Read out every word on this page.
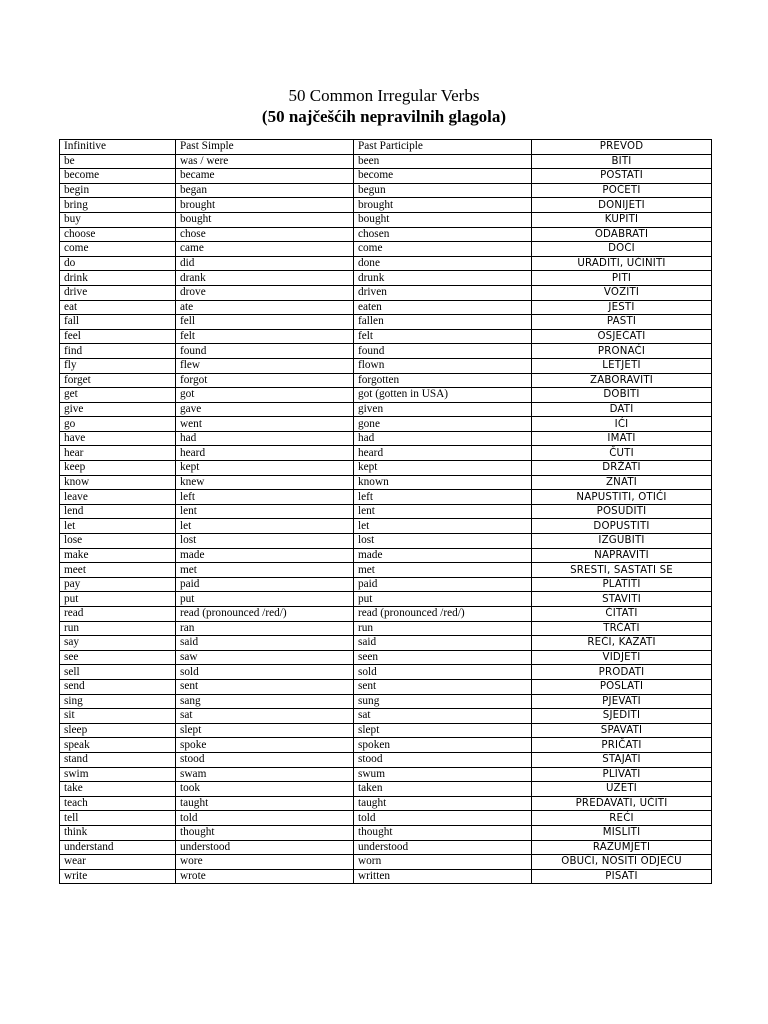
50 Common Irregular Verbs
(50 najčešćih nepravilnih glagola)
Infinitive	Past Simple	Past Participle	PREVOD
be	was / were	been	BITI
become	became	become	POSTATI
begin	began	begun	POČETI
bring	brought	brought	DONIJETI
buy	bought	bought	KUPITI
choose	chose	chosen	ODABRATI
come	came	come	DOĆI
do	did	done	URADITI, UČINITI
drink	drank	drunk	PITI
drive	drove	driven	VOZITI
eat	ate	eaten	JESTI
fall	fell	fallen	PASTI
feel	felt	felt	OSJEĆATI
find	found	found	PRONAĆI
fly	flew	flown	LETJETI
forget	forgot	forgotten	ZABORAVITI
get	got	got (gotten in USA)	DOBITI
give	gave	given	DATI
go	went	gone	IĆI
have	had	had	IMATI
hear	heard	heard	ČUTI
keep	kept	kept	DRŽATI
know	knew	known	ZNATI
leave	left	left	NAPUSTITI, OTIĆI
lend	lent	lent	POSUDITI
let	let	let	DOPUSTITI
lose	lost	lost	IZGUBITI
make	made	made	NAPRAVITI
meet	met	met	SRESTI, SASTATI SE
pay	paid	paid	PLATITI
put	put	put	STAVITI
read	read (pronounced /red/)	read (pronounced /red/)	ČITATI
run	ran	run	TRČATI
say	said	said	REĆI, KAZATI
see	saw	seen	VIDJETI
sell	sold	sold	PRODATI
send	sent	sent	POSLATI
sing	sang	sung	PJEVATI
sit	sat	sat	SJEDITI
sleep	slept	slept	SPAVATI
speak	spoke	spoken	PRIČATI
stand	stood	stood	STAJATI
swim	swam	swum	PLIVATI
take	took	taken	UZETI
teach	taught	taught	PREDAVATI, UČITI
tell	told	told	REĆI
think	thought	thought	MISLITI
understand	understood	understood	RAZUMJETI
wear	wore	worn	OBUĆI, NOSITI ODJEĆU
write	wrote	written	PISATI
